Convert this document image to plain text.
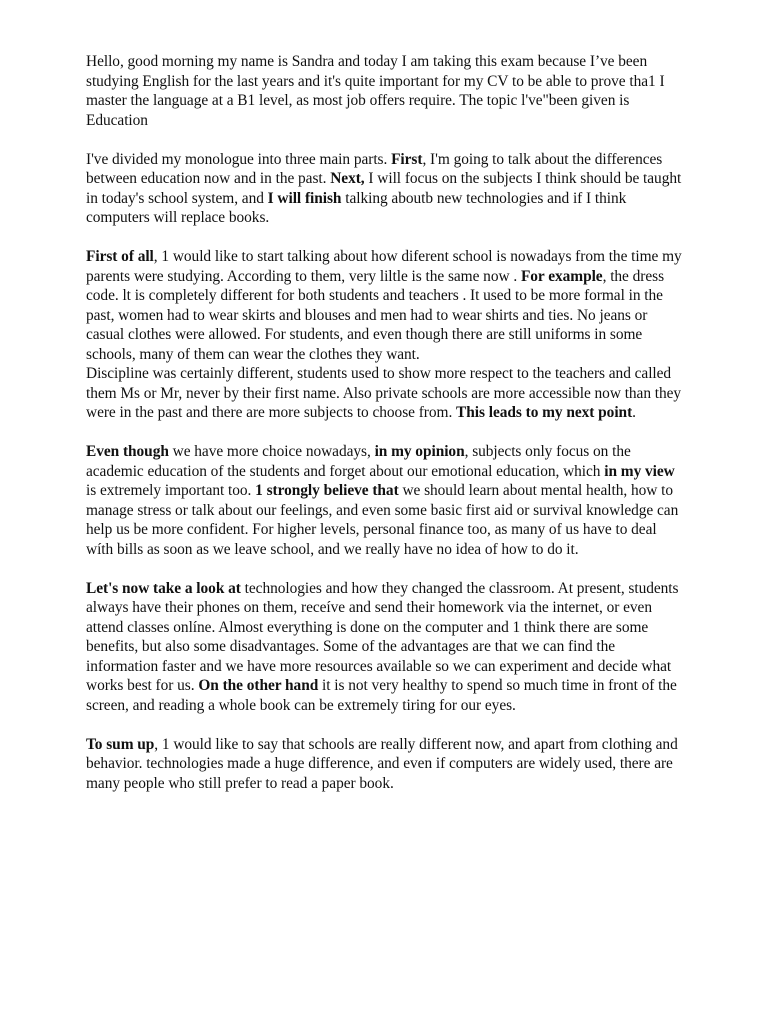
Hello, good morning my name is Sandra and today I am taking this exam because I’ve been studying English for the last years and it's quite important for my CV to be able to prove tha1 I master the language at a B1 level, as most job offers require. The topic l've"been given is Education

I've divided my monologue into three main parts. First, I'm going to talk about the differences between education now and in the past. Next, I will focus on the subjects I think should be taught in today's school system, and I will finish talking aboutb new technologies and if I think computers will replace books.

First of all, 1 would like to start talking about how diferent school is nowadays from the time my parents were studying. According to them, very liltle is the same now . For example, the dress code. lt is completely different for both students and teachers . It used to be more formal in the past, women had to wear skirts and blouses and men had to wear shirts and ties. No jeans or casual clothes were allowed. For students, and even though there are still uniforms in some schools, many of them can wear the clothes they want.
Discipline was certainly different, students used to show more respect to the teachers and called them Ms or Mr, never by their first name. Also private schools are more accessible now than they were in the past and there are more subjects to choose from. This leads to my next point.

Even though we have more choice nowadays, in my opinion, subjects only focus on the academic education of the students and forget about our emotional education, which in my view is extremely important too. 1 strongly believe that we should learn about mental health, how to manage stress or talk about our feelings, and even some basic first aid or survival knowledge can help us be more confident. For higher levels, personal finance too, as many of us have to deal wíth bills as soon as we leave school, and we really have no idea of how to do it.

Let's now take a look at technologies and how they changed the classroom. At present, students always have their phones on them, receíve and send their homework via the internet, or even attend classes onlíne. Almost everything is done on the computer and 1 think there are some benefits, but also some disadvantages. Some of the advantages are that we can find the information faster and we have more resources available so we can experiment and decide what works best for us. On the other hand it is not very healthy to spend so much time in front of the screen, and reading a whole book can be extremely tiring for our eyes.

To sum up, 1 would like to say that schools are really different now, and apart from clothing and behavior. technologies made a huge difference, and even if computers are widely used, there are many people who still prefer to read a paper book.
